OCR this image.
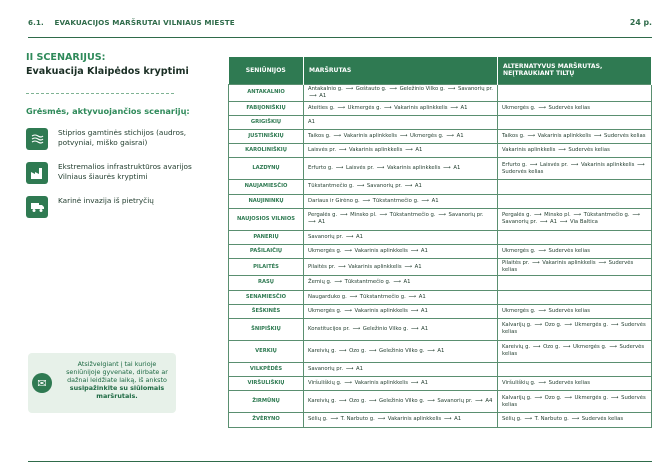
6.1. EVAKUACIJOS MARŠRUTAI VILNIAUS MIESTE	24 p.
II SCENARIJUS:
Evakuacija Klaipėdos kryptimi
Grėsmės, aktyvuojančios scenarijų:
Stiprios gamtinės stichijos (audros, potvyniai, miško gaisrai)
Ekstremalios infrastruktūros avarijos Vilniaus šiaurės kryptimi
Karinė invazija iš pietryčių
✉
Atsižvelgiant į tai kurioje seniūnijoje gyvenate, dirbate ar dažnai leidžiate laiką, iš anksto susipažinkite su siūlomais maršrutais.
SENIŪNIJOS	MARŠRUTAS	ALTERNATYVUS MARŠRUTAS, NEĮTRAUKIANT TILTŲ
ANTAKALNIO	Antakalnio g. ⟶ Goštauto g. ⟶ Geležinio Vilko g. ⟶ Savanorių pr. ⟶ A1	
FABIJONIŠKIŲ	Ateities g. ⟶ Ukmergės g. ⟶ Vakarinis aplinkkelis ⟶ A1	Ukmergės g. ⟶ Sudervės kelias
GRIGIŠKIŲ	A1	
JUSTINIŠKIŲ	Taikos g. ⟶ Vakarinis aplinkkelis ⟶ Ukmergės g. ⟶ A1	Taikos g. ⟶ Vakarinis aplinkkelis ⟶ Sudervės kelias
KAROLINIŠKIŲ	Laisvės pr. ⟶ Vakarinis aplinkkelis ⟶ A1	Vakarinis aplinkkelis ⟶ Sudervės kelias
LAZDYNŲ	Erfurto g. ⟶ Laisvės pr. ⟶ Vakarinis aplinkkelis ⟶ A1	Erfurto g. ⟶ Laisvės pr. ⟶ Vakarinis aplinkkelis ⟶ Sudervės kelias
NAUJAMIESČIO	Tūkstantmečio g. ⟶ Savanorių pr. ⟶ A1	
NAUJININKŲ	Dariaus ir Girėno g. ⟶ Tūkstantmečio g. ⟶ A1	
NAUJOSIOS VILNIOS	Pergalės g. ⟶ Minsko pl. ⟶ Tūkstantmečio g. ⟶ Savanorių pr. ⟶ A1	Pergalės g. ⟶ Minsko pl. ⟶ Tūkstantmečio g. ⟶ Savanorių pr. ⟶ A1 ⟶ Via Baltica
PANERIŲ	Savanorių pr. ⟶ A1	
PAŠILAIČIŲ	Ukmergės g. ⟶ Vakarinis aplinkkelis ⟶ A1	Ukmergės g. ⟶ Sudervės kelias
PILAITĖS	Pilaitės pr. ⟶ Vakarinis aplinkkelis ⟶ A1	Pilaitės pr. ⟶ Vakarinis aplinkkelis ⟶ Sudervės kelias
RASŲ	Žemių g. ⟶ Tūkstantmečio g. ⟶ A1	
SENAMIESČIO	Naugarduko g. ⟶ Tūkstantmečio g. ⟶ A1	
ŠEŠKINĖS	Ukmergės g. ⟶ Vakarinis aplinkkelis ⟶ A1	Ukmergės g. ⟶ Sudervės kelias
ŠNIPIŠKIŲ	Konstitucijos pr. ⟶ Geležinio Vilko g. ⟶ A1	Kalvarijų g. ⟶ Ozo g. ⟶ Ukmergės g. ⟶ Sudervės kelias
VERKIŲ	Kareivių g. ⟶ Ozo g. ⟶ Geležinio Vilko g. ⟶ A1	Kareivių g. ⟶ Ozo g. ⟶ Ukmergės g. ⟶ Sudervės kelias
VILKPĖDĖS	Savanorių pr. ⟶ A1	
VIRŠULIŠKIŲ	Viršuliškių g. ⟶ Vakarinis aplinkkelis ⟶ A1	Viršuliškių g. ⟶ Sudervės kelias
ŽIRMŪNŲ	Kareivių g. ⟶ Ozo g. ⟶ Geležinio Vilko g. ⟶ Savanorių pr. ⟶ A4	Kalvarijų g. ⟶ Ozo g. ⟶ Ukmergės g. ⟶ Sudervės kelias
ŽVĖRYNO	Sėlių g. ⟶ T. Narbuto g. ⟶ Vakarinis aplinkkelis ⟶ A1	Sėlių g. ⟶ T. Narbuto g. ⟶ Sudervės kelias
